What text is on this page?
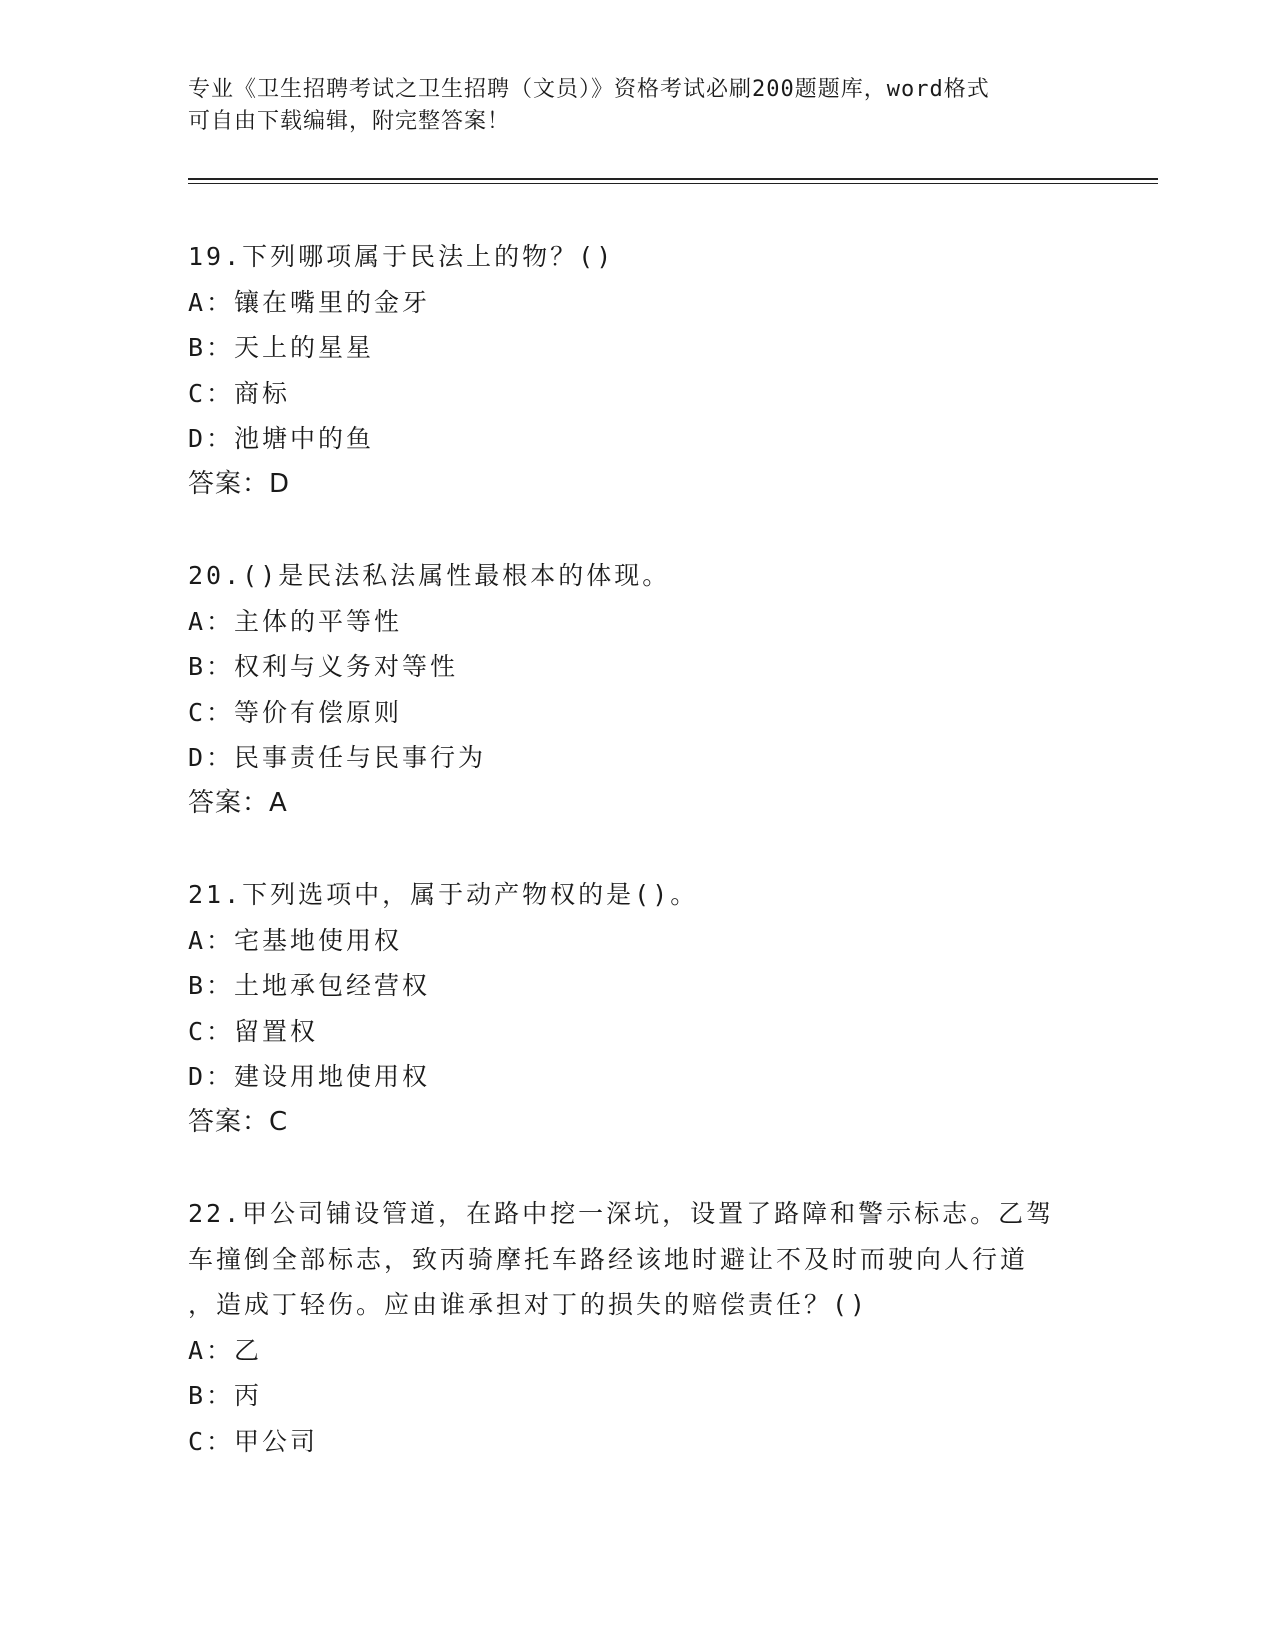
专业《卫生招聘考试之卫生招聘（文员）》资格考试必刷200题题库，word格式
可自由下载编辑，附完整答案！
19.下列哪项属于民法上的物？()
A：镶在嘴里的金牙
B：天上的星星
C：商标
D：池塘中的鱼
答案：D
20.()是民法私法属性最根本的体现。
A：主体的平等性
B：权利与义务对等性
C：等价有偿原则
D：民事责任与民事行为
答案：A
21.下列选项中，属于动产物权的是()。
A：宅基地使用权
B：土地承包经营权
C：留置权
D：建设用地使用权
答案：C
22.甲公司铺设管道，在路中挖一深坑，设置了路障和警示标志。乙驾
车撞倒全部标志，致丙骑摩托车路经该地时避让不及时而驶向人行道
，造成丁轻伤。应由谁承担对丁的损失的赔偿责任？()
A：乙
B：丙
C：甲公司
